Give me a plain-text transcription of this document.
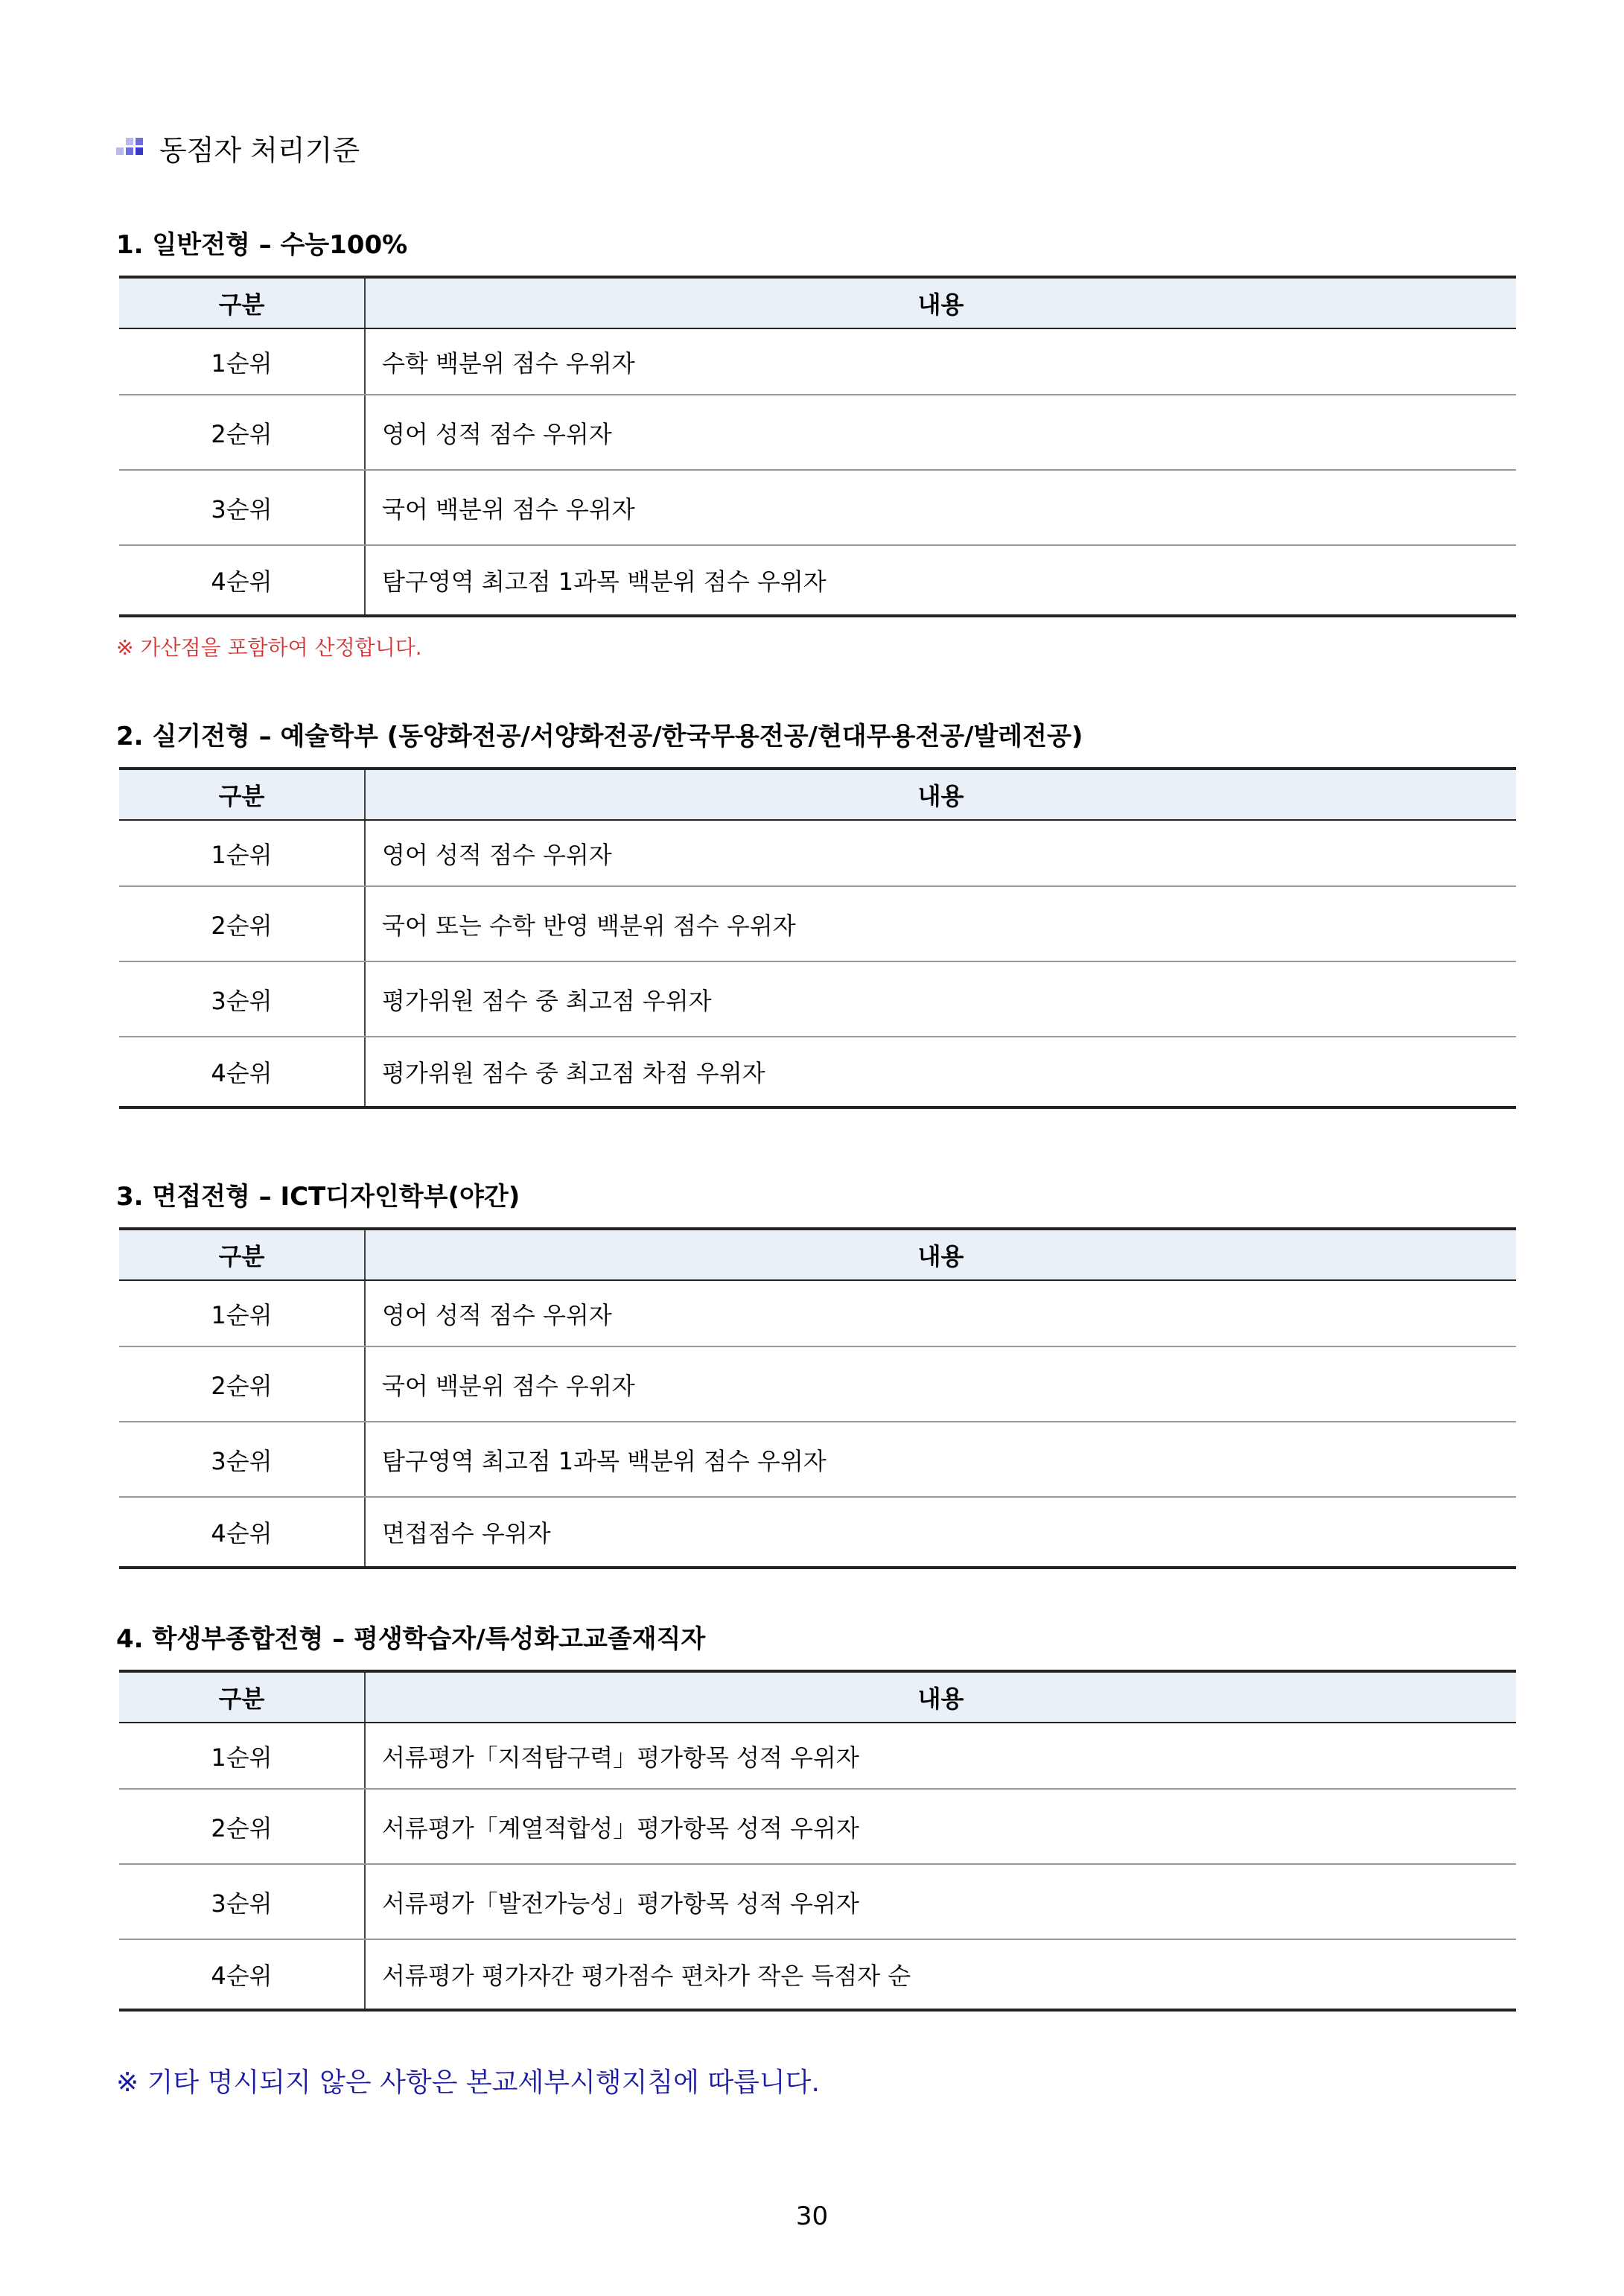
동점자 처리기준
1. 일반전형 – 수능100%
구분	내용
1순위	수학 백분위 점수 우위자
2순위	영어 성적 점수 우위자
3순위	국어 백분위 점수 우위자
4순위	탐구영역 최고점 1과목 백분위 점수 우위자
※ 가산점을 포함하여 산정합니다.
2. 실기전형 – 예술학부 (동양화전공/서양화전공/한국무용전공/현대무용전공/발레전공)
구분	내용
1순위	영어 성적 점수 우위자
2순위	국어 또는 수학 반영 백분위 점수 우위자
3순위	평가위원 점수 중 최고점 우위자
4순위	평가위원 점수 중 최고점 차점 우위자
3. 면접전형 – ICT디자인학부(야간)
구분	내용
1순위	영어 성적 점수 우위자
2순위	국어 백분위 점수 우위자
3순위	탐구영역 최고점 1과목 백분위 점수 우위자
4순위	면접점수 우위자
4. 학생부종합전형 – 평생학습자/특성화고교졸재직자
구분	내용
1순위	서류평가「지적탐구력」평가항목 성적 우위자
2순위	서류평가「계열적합성」평가항목 성적 우위자
3순위	서류평가「발전가능성」평가항목 성적 우위자
4순위	서류평가 평가자간 평가점수 편차가 작은 득점자 순
※ 기타 명시되지 않은 사항은 본교세부시행지침에 따릅니다.
30
